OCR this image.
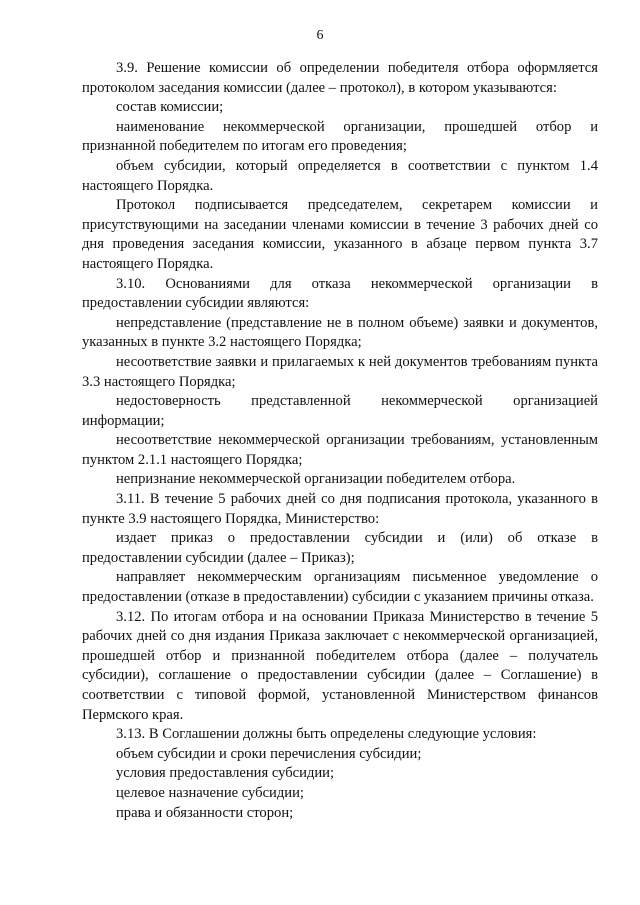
6

3.9. Решение комиссии об определении победителя отбора оформляется протоколом заседания комиссии (далее – протокол), в котором указываются:

состав комиссии;

наименование некоммерческой организации, прошедшей отбор и признанной победителем по итогам его проведения;

объем субсидии, который определяется в соответствии с пунктом 1.4 настоящего Порядка.

Протокол подписывается председателем, секретарем комиссии и присутствующими на заседании членами комиссии в течение 3 рабочих дней со дня проведения заседания комиссии, указанного в абзаце первом пункта 3.7 настоящего Порядка.

3.10. Основаниями для отказа некоммерческой организации в предоставлении субсидии являются:

непредставление (представление не в полном объеме) заявки и документов, указанных в пункте 3.2 настоящего Порядка;

несоответствие заявки и прилагаемых к ней документов требованиям пункта 3.3 настоящего Порядка;

недостоверность представленной некоммерческой организацией информации;

несоответствие некоммерческой организации требованиям, установленным пунктом 2.1.1 настоящего Порядка;

непризнание некоммерческой организации победителем отбора.

3.11. В течение 5 рабочих дней со дня подписания протокола, указанного в пункте 3.9 настоящего Порядка, Министерство:

издает приказ о предоставлении субсидии и (или) об отказе в предоставлении субсидии (далее – Приказ);

направляет некоммерческим организациям письменное уведомление о предоставлении (отказе в предоставлении) субсидии с указанием причины отказа.

3.12. По итогам отбора и на основании Приказа Министерство в течение 5 рабочих дней со дня издания Приказа заключает с некоммерческой организацией, прошедшей отбор и признанной победителем отбора (далее – получатель субсидии), соглашение о предоставлении субсидии (далее – Соглашение) в соответствии с типовой формой, установленной Министерством финансов Пермского края.

3.13. В Соглашении должны быть определены следующие условия:

объем субсидии и сроки перечисления субсидии;

условия предоставления субсидии;

целевое назначение субсидии;

права и обязанности сторон;
